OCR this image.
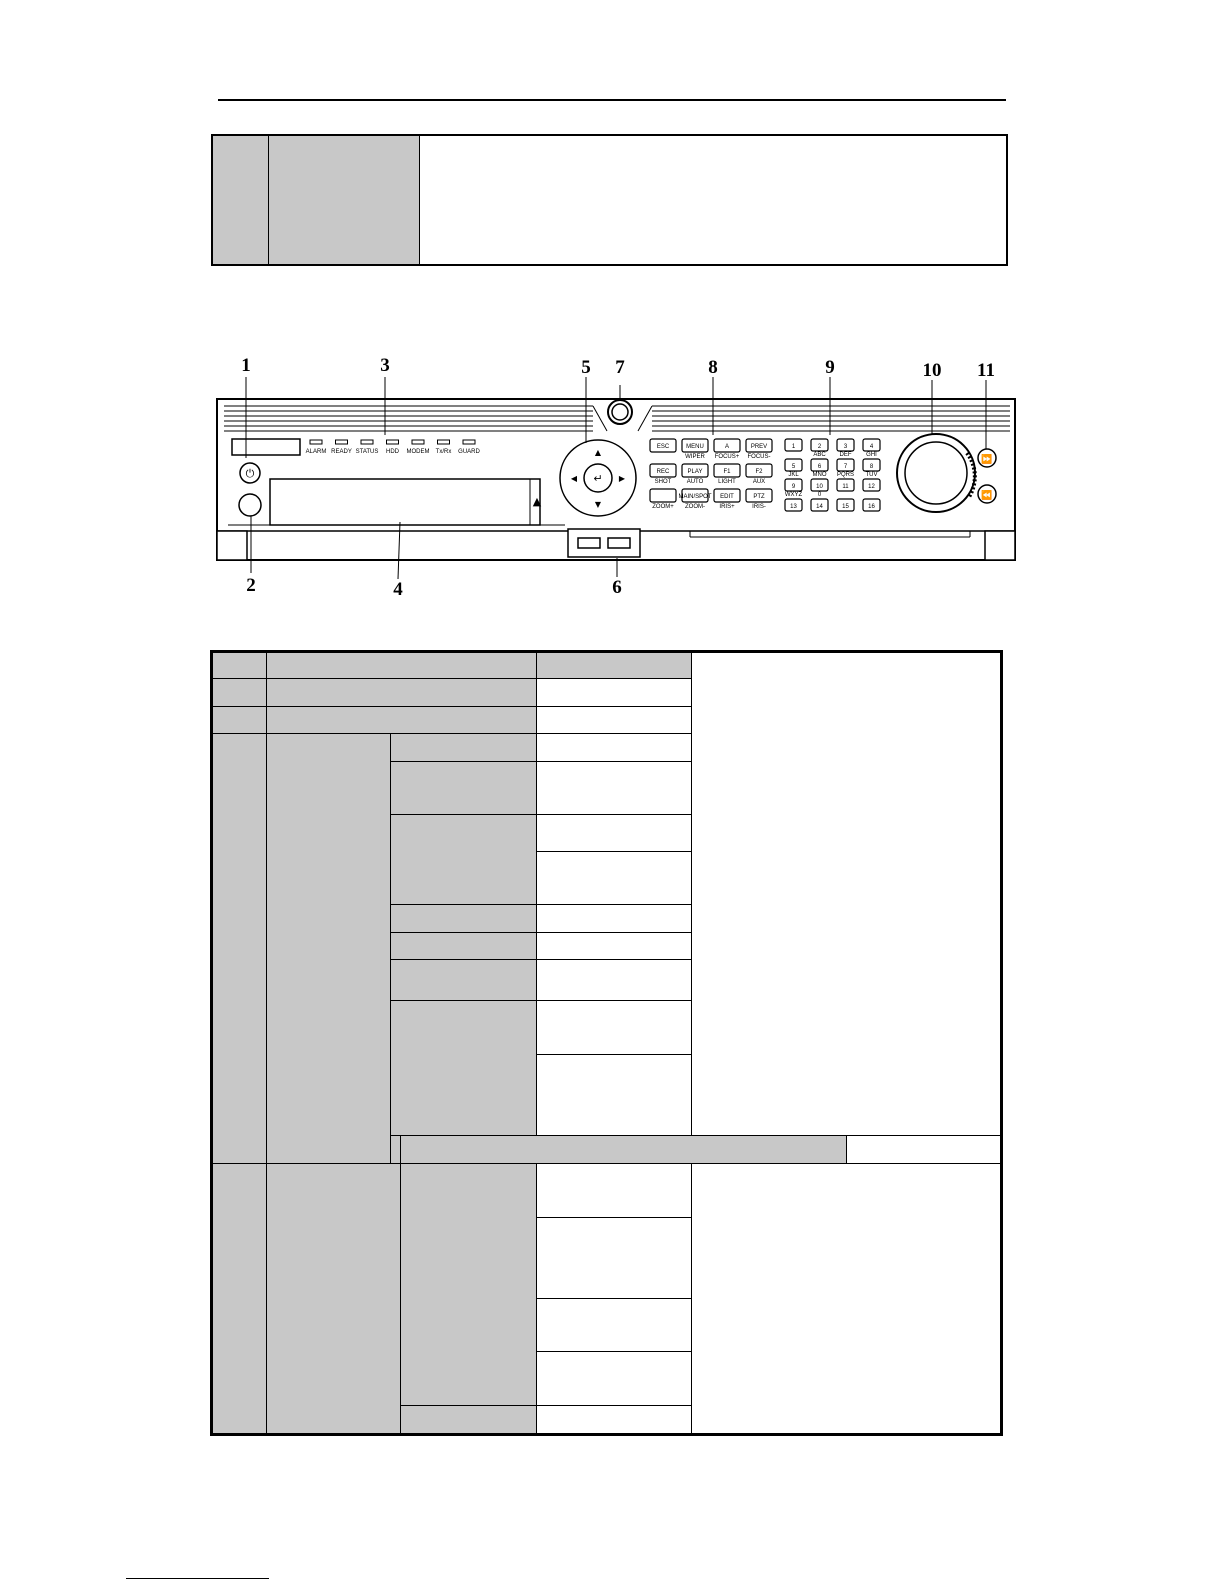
ALARM READY STATUS HDD MODEM Tx/Rx GUARD
⏻
▲
↵
▲
▼
◀	▶
ESC	MENU
WIPER
A
FOCUS+
PREV
FOCUS-
REC
SHOT
PLAY
AUTO
F1
LIGHT
F2
AUX
ZOOM+
MAIN/SPOT
ZOOM-
EDIT
IRIS+
PTZ
IRIS-
1	2
ABC
3
DEF
4
GHI
5
JKL
6
MNO
7
PQRS
8
TUV
9
WXYZ
10
0
11	12
13	14	15	16
⏩
⏪
1
2
3
4
5
6
7	8	9	10 11
